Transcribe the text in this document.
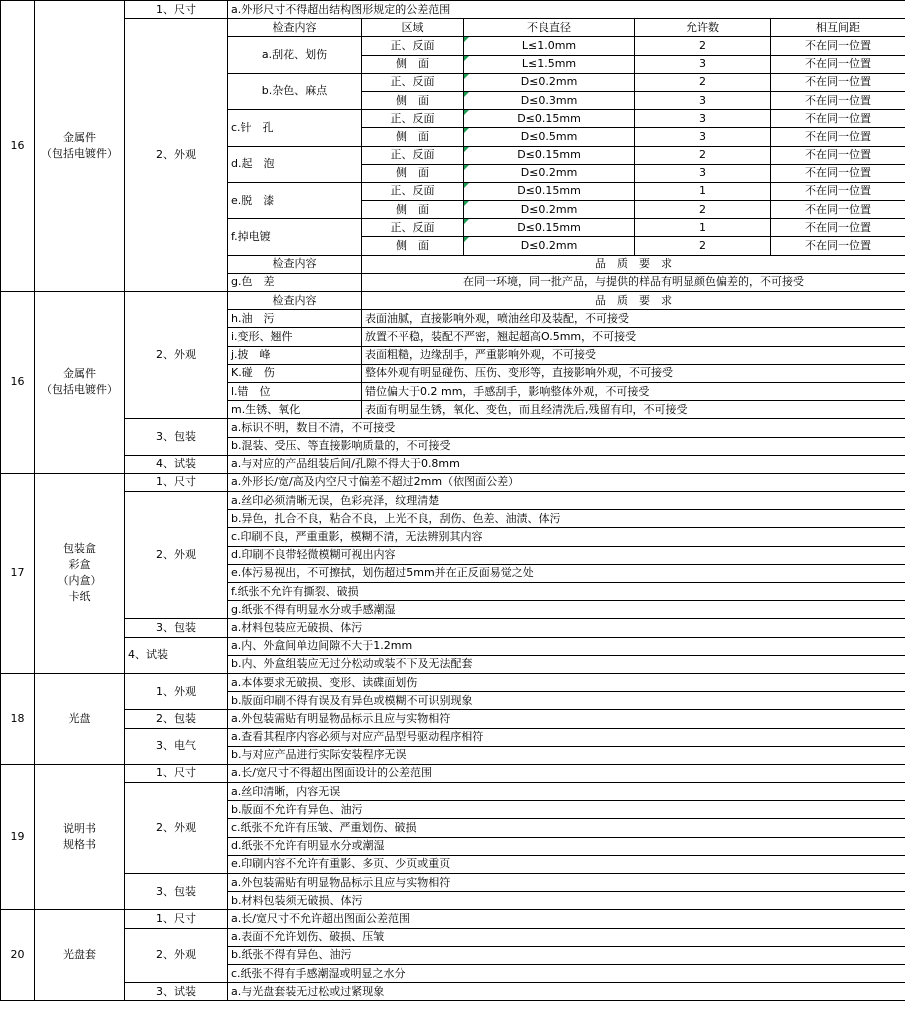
16	金属件
（包括电镀件）	1、尺寸	a.外形尺寸不得超出结构图形规定的公差范围				
		2、外观	检查内容	区域	不良直径	允许数	相互间距
			a.刮花、划伤	正、反面	L≤1.0mm	2	不在同一位置
				侧　面	L≤1.5mm	3	不在同一位置
			b.杂色、麻点	正、反面	D≤0.2mm	2	不在同一位置
				侧　面	D≤0.3mm	3	不在同一位置
			c.针　孔	正、反面	D≤0.15mm	3	不在同一位置
				侧　面	D≤0.5mm	3	不在同一位置
			d.起　泡	正、反面	D≤0.15mm	2	不在同一位置
				侧　面	D≤0.2mm	3	不在同一位置
			e.脱　漆	正、反面	D≤0.15mm	1	不在同一位置
				侧　面	D≤0.2mm	2	不在同一位置
			f.掉电镀	正、反面	D≤0.15mm	1	不在同一位置
				侧　面	D≤0.2mm	2	不在同一位置
			检查内容	品　质　要　求			
			g.色　差	在同一环境，同一批产品，与提供的样品有明显颜色偏差的，不可接受			
16	金属件
（包括电镀件）	2、外观	检查内容	品　质　要　求			
			h.油　污	表面油腻，直接影响外观，喷油丝印及装配，不可接受			
			i.变形、翘件	放置不平稳，装配不严密，翘起超高O.5mm，不可接受			
			j.披　峰	表面粗糙，边缘刮手，严重影响外观，不可接受			
			K.碰　伤	整体外观有明显碰伤、压伤、变形等，直接影响外观，不可接受			
			l.错　位	错位偏大于0.2 mm，手感刮手，影响整体外观，不可接受			
			m.生锈、氧化	表面有明显生锈，氧化、变色，而且经清洗后,残留有印，不可接受			
		3、包装	a.标识不明，数目不清，不可接受				
			b.混装、受压、等直接影响质量的，不可接受				
		4、试装	a.与对应的产品组装后间/孔隙不得大于0.8mm				
17	包装盒
彩盒
（内盒）
卡纸	1、尺寸	a.外形长/宽/高及内空尺寸偏差不超过2mm（依图面公差）				
		2、外观	a.丝印必须清晰无误，色彩亮泽，纹理清楚				
			b.异色，扎合不良，粘合不良，上光不良，刮伤、色差、油渍、体污				
			c.印刷不良，严重重影，模糊不清，无法辨别其内容				
			d.印刷不良带轻微模糊可视出内容				
			e.体污易视出，不可擦拭，划伤超过5mm并在正反面易觉之处				
			f.纸张不允许有撕裂、破损				
			g.纸张不得有明显水分或手感潮湿				
		3、包装	a.材料包装应无破损、体污				
		4、试装	a.内、外盒间单边间隙不大于1.2mm				
			b.内、外盒组装应无过分松动或装不下及无法配套				
18	光盘	1、外观	a.本体要求无破损、变形、读碟面划伤				
			b.版面印刷不得有误及有异色或模糊不可识别现象				
		2、包装	a.外包装需贴有明显物品标示且应与实物相符				
		3、电气	a.查看其程序内容必须与对应产品型号驱动程序相符				
			b.与对应产品进行实际安装程序无误				
19	说明书
规格书	1、尺寸	a.长/宽尺寸不得超出图面设计的公差范围				
		2、外观	a.丝印清晰，内容无误				
			b.版面不允许有异色、油污				
			c.纸张不允许有压皱、严重划伤、破损				
			d.纸张不允许有明显水分或潮湿				
			e.印刷内容不允许有重影、多页、少页或重页				
		3、包装	a.外包装需贴有明显物品标示且应与实物相符				
			b.材料包装须无破损、体污				
20	光盘套	1、尺寸	a.长/宽尺寸不允许超出图面公差范围				
		2、外观	a.表面不允许划伤、破损、压皱				
			b.纸张不得有异色、油污				
			c.纸张不得有手感潮湿或明显之水分				
		3、试装	a.与光盘套装无过松或过紧现象				
